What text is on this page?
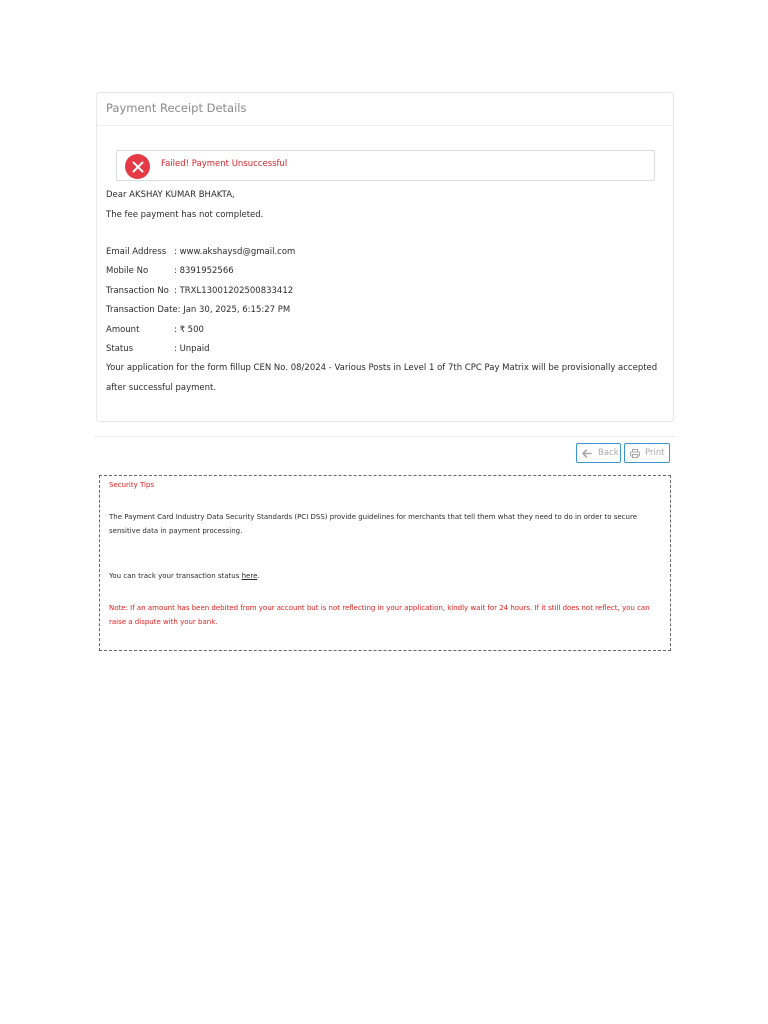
Payment Receipt Details
Failed! Payment Unsuccessful
Dear AKSHAY KUMAR BHAKTA,
The fee payment has not completed.
Email Address : www.akshaysd@gmail.com
Mobile No	: 8391952566
Transaction No : TRXL13001202500833412
Transaction Date: Jan 30, 2025, 6:15:27 PM
Amount	: ₹ 500
Status	: Unpaid
Your application for the form fillup CEN No. 08/2024 - Various Posts in Level 1 of 7th CPC Pay Matrix will be provisionally accepted after successful payment.
Back	Print
Security Tips
The Payment Card Industry Data Security Standards (PCI DSS) provide guidelines for merchants that tell them what they need to do in order to secure sensitive data in payment processing.
You can track your transaction status here.
Note: If an amount has been debited from your account but is not reflecting in your application, kindly wait for 24 hours. If it still does not reflect, you can raise a dispute with your bank.
